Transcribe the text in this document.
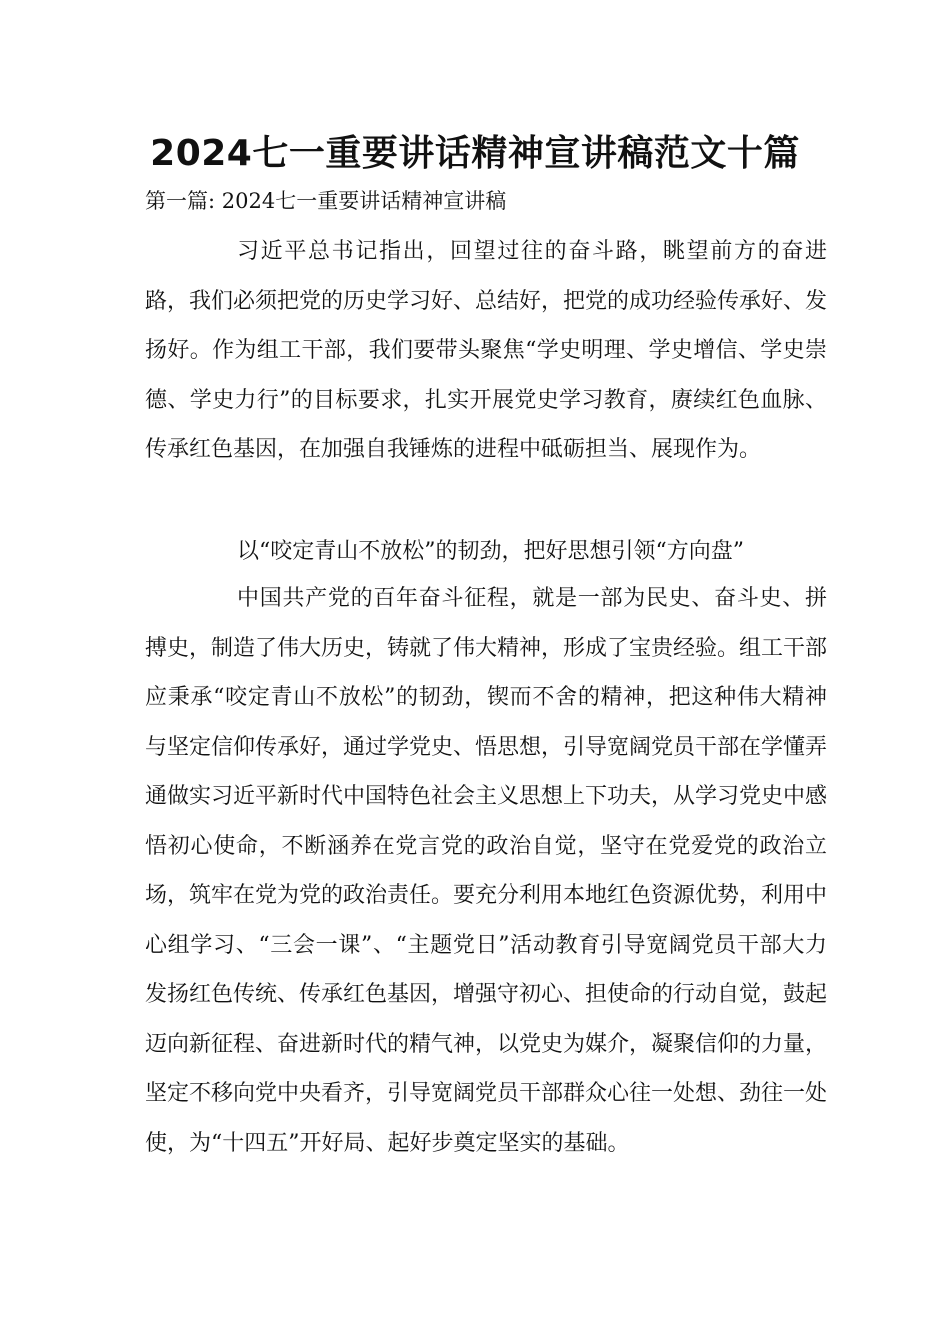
2024七一重要讲话精神宣讲稿范文十篇
第一篇: 2024七一重要讲话精神宣讲稿

习近平总书记指出，回望过往的奋斗路，眺望前方的奋进路，我们必须把党的历史学习好、总结好，把党的成功经验传承好、发扬好。作为组工干部，我们要带头聚焦“学史明理、学史增信、学史崇德、学史力行”的目标要求，扎实开展党史学习教育，赓续红色血脉、传承红色基因，在加强自我锤炼的进程中砥砺担当、展现作为。

以“咬定青山不放松”的韧劲，把好思想引领“方向盘”

中国共产党的百年奋斗征程，就是一部为民史、奋斗史、拼搏史，制造了伟大历史，铸就了伟大精神，形成了宝贵经验。组工干部应秉承“咬定青山不放松”的韧劲，锲而不舍的精神，把这种伟大精神与坚定信仰传承好，通过学党史、悟思想，引导宽阔党员干部在学懂弄通做实习近平新时代中国特色社会主义思想上下功夫，从学习党史中感悟初心使命，不断涵养在党言党的政治自觉，坚守在党爱党的政治立场，筑牢在党为党的政治责任。要充分利用本地红色资源优势，利用中心组学习、“三会一课”、“主题党日”活动教育引导宽阔党员干部大力发扬红色传统、传承红色基因，增强守初心、担使命的行动自觉，鼓起迈向新征程、奋进新时代的精气神，以党史为媒介，凝聚信仰的力量，坚定不移向党中央看齐，引导宽阔党员干部群众心往一处想、劲往一处使，为“十四五”开好局、起好步奠定坚实的基础。
